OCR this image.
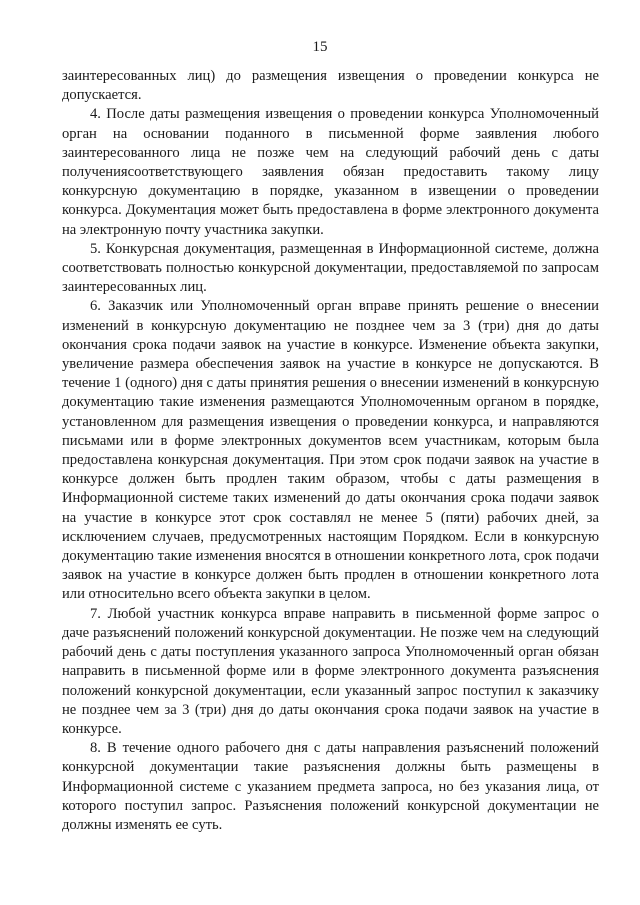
15

заинтересованных лиц) до размещения извещения о проведении конкурса не допускается.

4. После даты размещения извещения о проведении конкурса Уполномоченный орган на основании поданного в письменной форме заявления любого заинтересованного лица не позже чем на следующий рабочий день с даты получениясоответствующего заявления обязан предоставить такому лицу конкурсную документацию в порядке, указанном в извещении о проведении конкурса. Документация может быть предоставлена в форме электронного документа на электронную почту участника закупки.

5. Конкурсная документация, размещенная в Информационной системе, должна соответствовать полностью конкурсной документации, предоставляемой по запросам заинтересованных лиц.

6. Заказчик или Уполномоченный орган вправе принять решение о внесении изменений в конкурсную документацию не позднее чем за 3 (три) дня до даты окончания срока подачи заявок на участие в конкурсе. Изменение объекта закупки, увеличение размера обеспечения заявок на участие в конкурсе не допускаются. В течение 1 (одного) дня с даты принятия решения о внесении изменений в конкурсную документацию такие изменения размещаются Уполномоченным органом в порядке, установленном для размещения извещения о проведении конкурса, и направляются письмами или в форме электронных документов всем участникам, которым была предоставлена конкурсная документация. При этом срок подачи заявок на участие в конкурсе должен быть продлен таким образом, чтобы с даты размещения в Информационной системе таких изменений до даты окончания срока подачи заявок на участие в конкурсе этот срок составлял не менее 5 (пяти) рабочих дней, за исключением случаев, предусмотренных настоящим Порядком. Если в конкурсную документацию такие изменения вносятся в отношении конкретного лота, срок подачи заявок на участие в конкурсе должен быть продлен в отношении конкретного лота или относительно всего объекта закупки в целом.

7. Любой участник конкурса вправе направить в письменной форме запрос о даче разъяснений положений конкурсной документации. Не позже чем на следующий рабочий день с даты поступления указанного запроса Уполномоченный орган обязан направить в письменной форме или в форме электронного документа разъяснения положений конкурсной документации, если указанный запрос поступил к заказчику не позднее чем за 3 (три) дня до даты окончания срока подачи заявок на участие в конкурсе.

8. В течение одного рабочего дня с даты направления разъяснений положений конкурсной документации такие разъяснения должны быть размещены в Информационной системе с указанием предмета запроса, но без указания лица, от которого поступил запрос. Разъяснения положений конкурсной документации не должны изменять ее суть.
